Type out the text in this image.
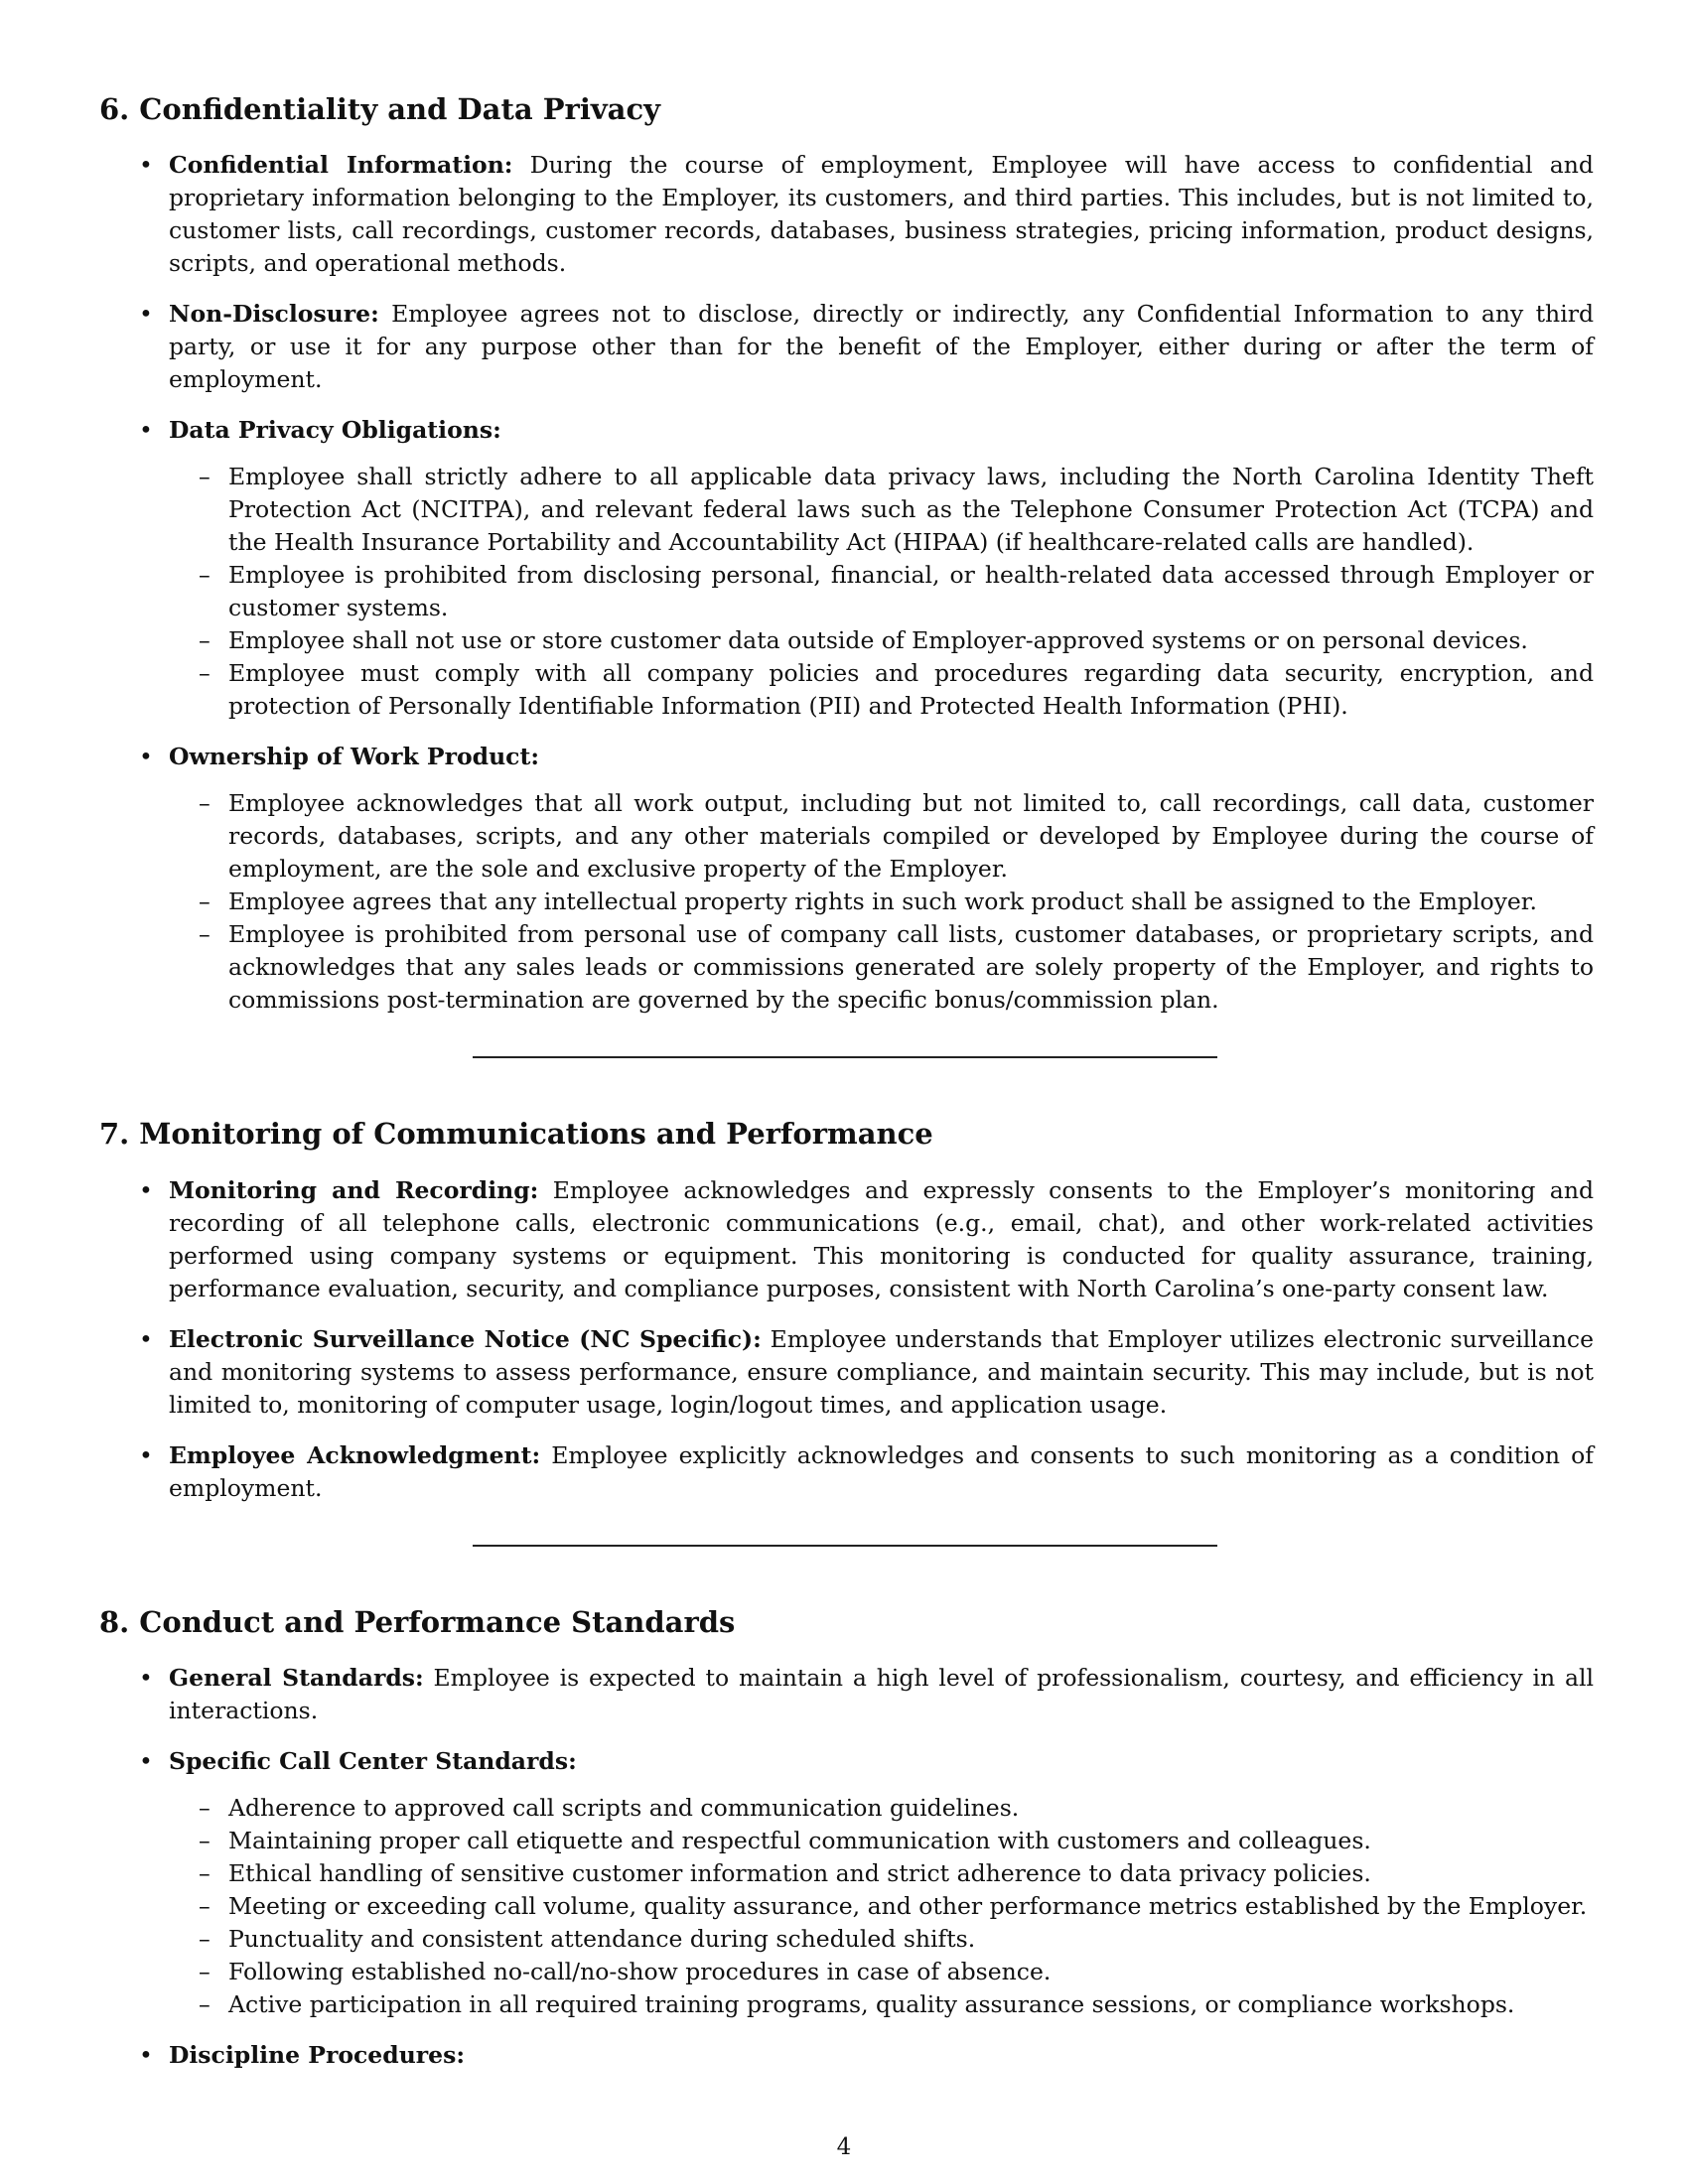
6. Confidentiality and Data Privacy
• Confidential Information: During the course of employment, Employee will have access to confidential and proprietary information belonging to the Employer, its customers, and third parties. This includes, but is not limited to, customer lists, call recordings, customer records, databases, business strategies, pricing information, product designs, scripts, and operational methods.
• Non-Disclosure: Employee agrees not to disclose, directly or indirectly, any Confidential Information to any third party, or use it for any purpose other than for the benefit of the Employer, either during or after the term of employment.
• Data Privacy Obligations:
– Employee shall strictly adhere to all applicable data privacy laws, including the North Carolina Identity Theft Protection Act (NCITPA), and relevant federal laws such as the Telephone Consumer Protection Act (TCPA) and the Health Insurance Portability and Accountability Act (HIPAA) (if healthcare-related calls are handled).
– Employee is prohibited from disclosing personal, financial, or health-related data accessed through Employer or customer systems.
– Employee shall not use or store customer data outside of Employer-approved systems or on personal devices.
– Employee must comply with all company policies and procedures regarding data security, encryption, and protection of Personally Identifiable Information (PII) and Protected Health Information (PHI).
• Ownership of Work Product:
– Employee acknowledges that all work output, including but not limited to, call recordings, call data, customer records, databases, scripts, and any other materials compiled or developed by Employee during the course of employment, are the sole and exclusive property of the Employer.
– Employee agrees that any intellectual property rights in such work product shall be assigned to the Employer.
– Employee is prohibited from personal use of company call lists, customer databases, or proprietary scripts, and acknowledges that any sales leads or commissions generated are solely property of the Employer, and rights to commissions post-termination are governed by the specific bonus/commission plan.
7. Monitoring of Communications and Performance
• Monitoring and Recording: Employee acknowledges and expressly consents to the Employer’s monitoring and recording of all telephone calls, electronic communications (e.g., email, chat), and other work-related activities performed using company systems or equipment. This monitoring is conducted for quality assurance, training, performance evaluation, security, and compliance purposes, consistent with North Carolina’s one-party consent law.
• Electronic Surveillance Notice (NC Specific): Employee understands that Employer utilizes electronic surveillance and monitoring systems to assess performance, ensure compliance, and maintain security. This may include, but is not limited to, monitoring of computer usage, login/logout times, and application usage.
• Employee Acknowledgment: Employee explicitly acknowledges and consents to such monitoring as a condition of employment.
8. Conduct and Performance Standards
• General Standards: Employee is expected to maintain a high level of professionalism, courtesy, and efficiency in all interactions.
• Specific Call Center Standards:
– Adherence to approved call scripts and communication guidelines.
– Maintaining proper call etiquette and respectful communication with customers and colleagues.
– Ethical handling of sensitive customer information and strict adherence to data privacy policies.
– Meeting or exceeding call volume, quality assurance, and other performance metrics established by the Employer.
– Punctuality and consistent attendance during scheduled shifts.
– Following established no-call/no-show procedures in case of absence.
– Active participation in all required training programs, quality assurance sessions, or compliance workshops.
• Discipline Procedures:
4
